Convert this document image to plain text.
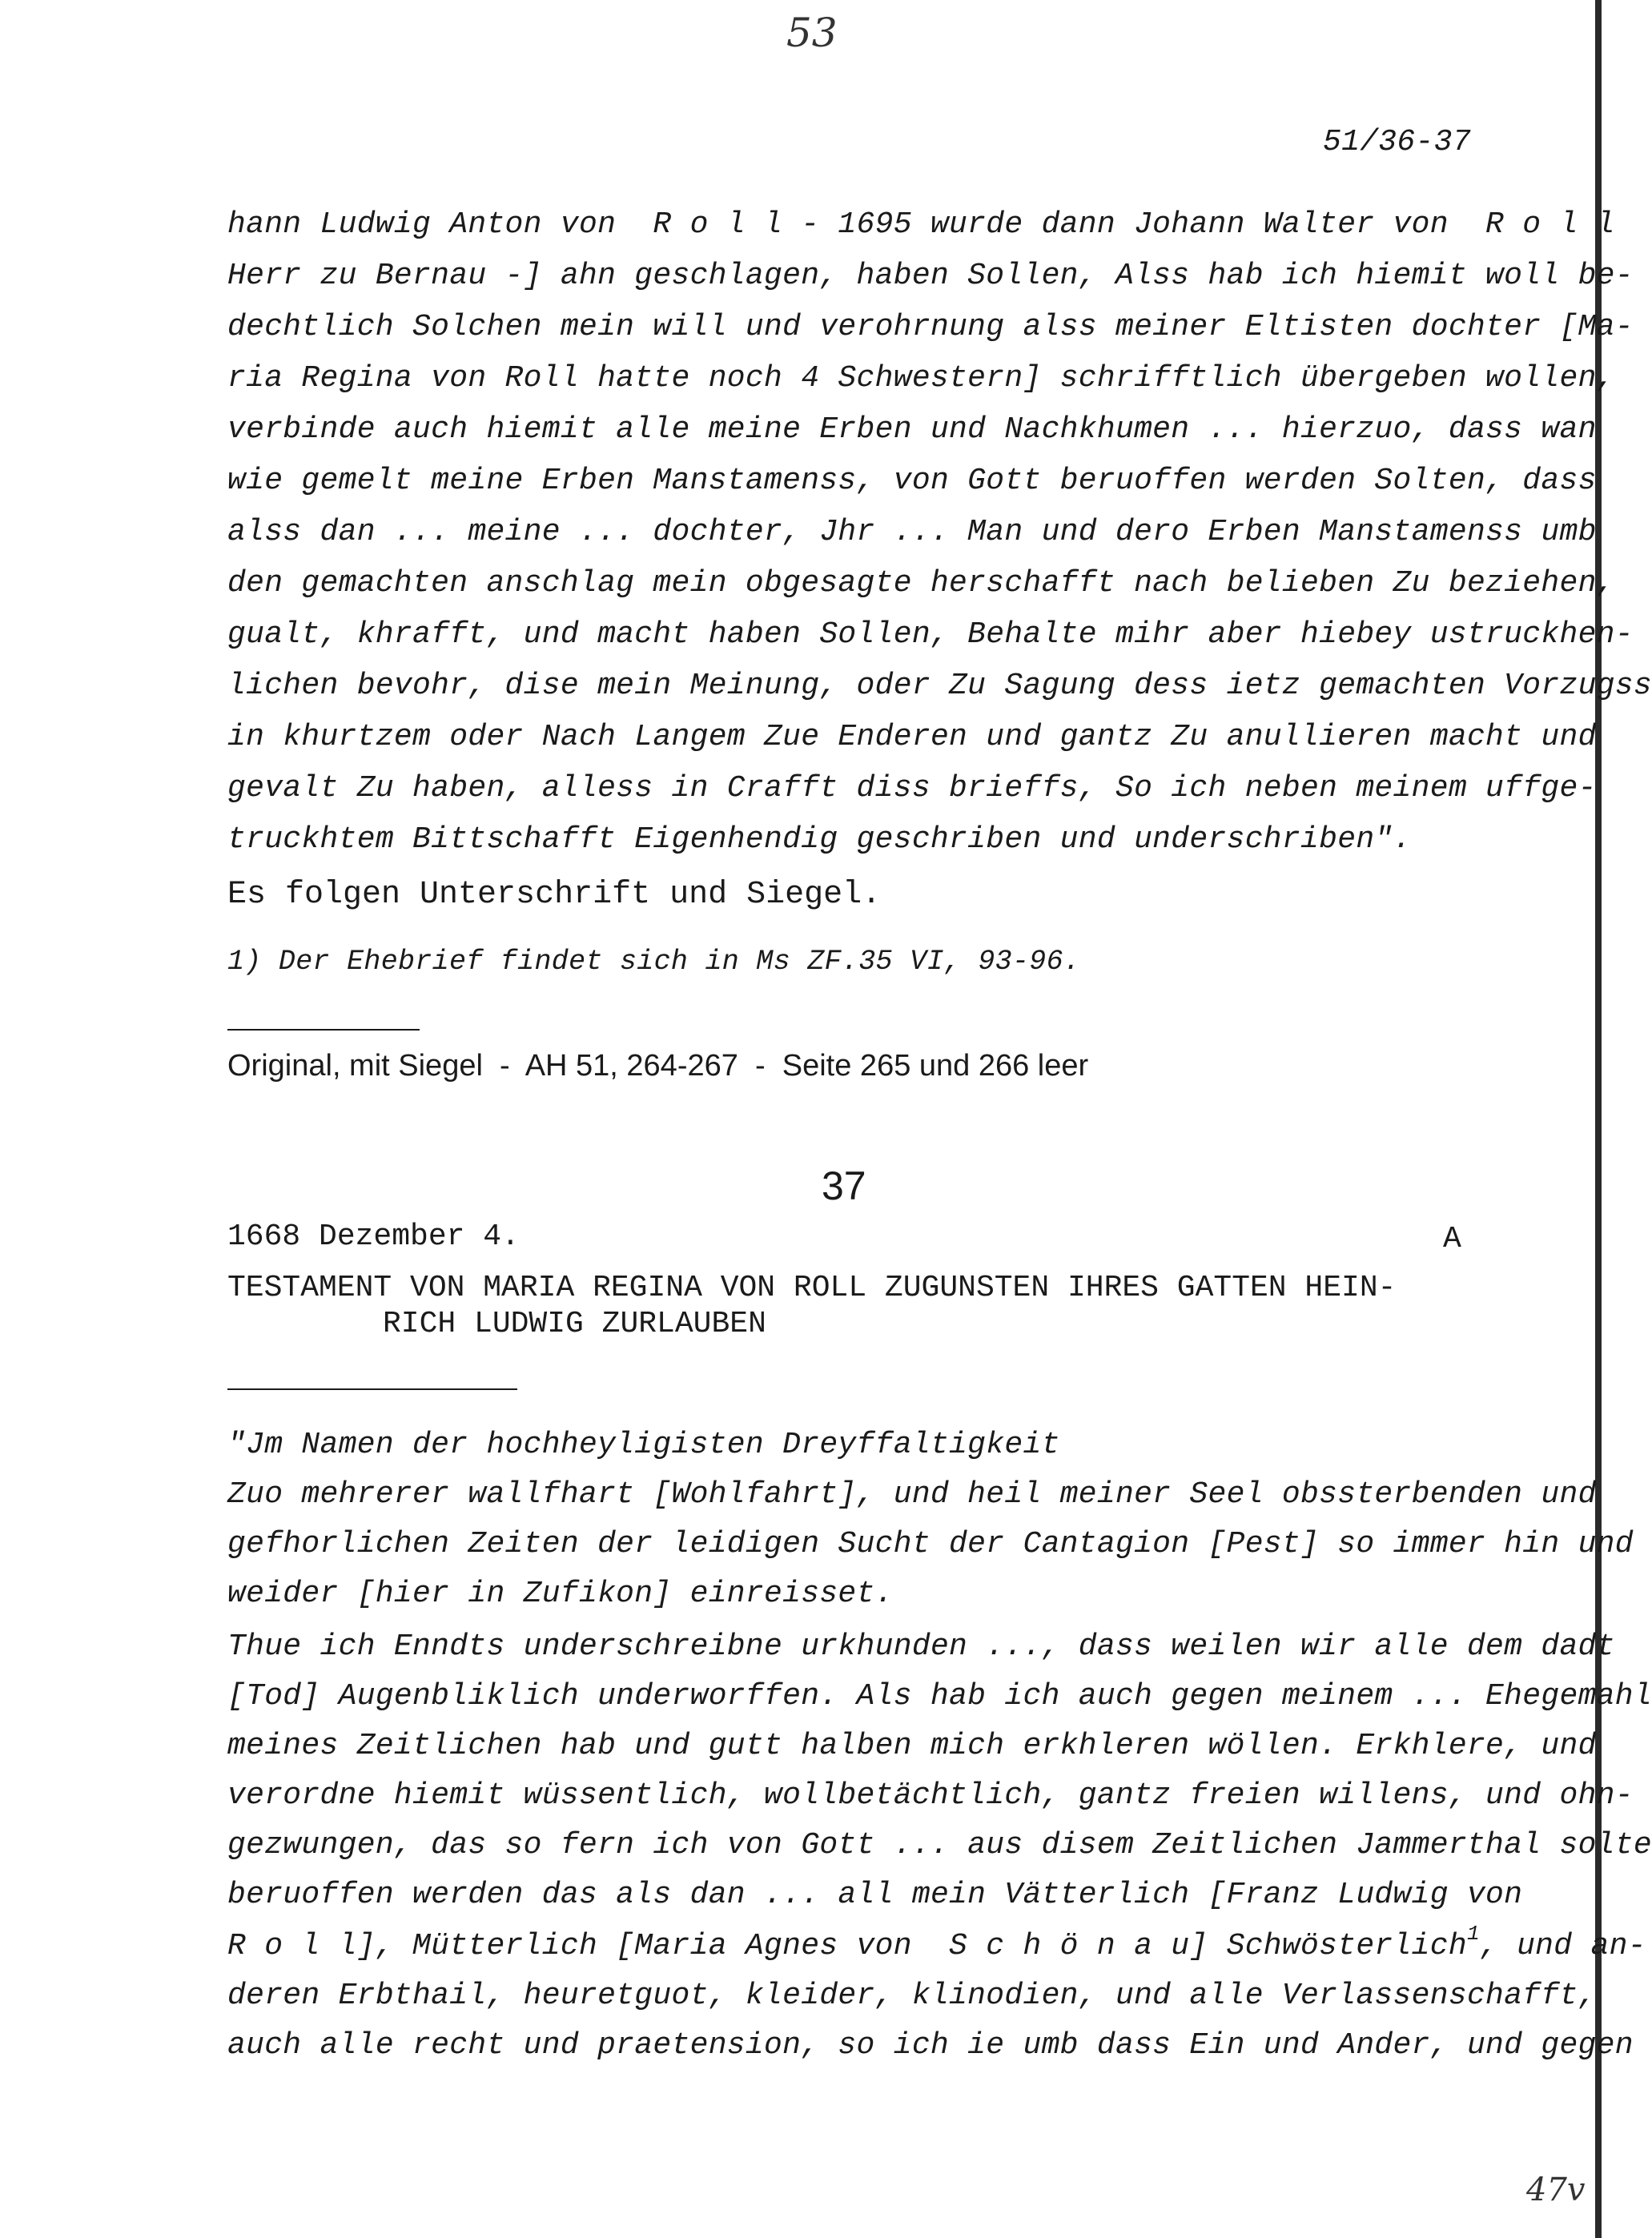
53
51/36-37
hann Ludwig Anton von  R o l l - 1695 wurde dann Johann Walter von  R o l l
Herr zu Bernau -] ahn geschlagen, haben Sollen, Alss hab ich hiemit woll be-
dechtlich Solchen mein will und verohrnung alss meiner Eltisten dochter [Ma-
ria Regina von Roll hatte noch 4 Schwestern] schrifftlich übergeben wollen,
verbinde auch hiemit alle meine Erben und Nachkhumen ... hierzuo, dass wan
wie gemelt meine Erben Manstamenss, von Gott beruoffen werden Solten, dass
alss dan ... meine ... dochter, Jhr ... Man und dero Erben Manstamenss umb
den gemachten anschlag mein obgesagte herschafft nach belieben Zu beziehen,
gualt, khrafft, und macht haben Sollen, Behalte mihr aber hiebey ustruckhen-
lichen bevohr, dise mein Meinung, oder Zu Sagung dess ietz gemachten Vorzugss
in khurtzem oder Nach Langem Zue Enderen und gantz Zu anullieren macht und
gevalt Zu haben, alless in Crafft diss brieffs, So ich neben meinem uffge-
truckhtem Bittschafft Eigenhendig geschriben und underschriben".
Es folgen Unterschrift und Siegel.
1) Der Ehebrief findet sich in Ms ZF.35 VI, 93-96.
Original, mit Siegel  -  AH 51, 264-267  -  Seite 265 und 266 leer
37
1668 Dezember 4.	A
TESTAMENT VON MARIA REGINA VON ROLL ZUGUNSTEN IHRES GATTEN HEIN-
RICH LUDWIG ZURLAUBEN
"Jm Namen der hochheyligisten Dreyffaltigkeit
Zuo mehrerer wallfhart [Wohlfahrt], und heil meiner Seel obssterbenden und
gefhorlichen Zeiten der leidigen Sucht der Cantagion [Pest] so immer hin und
weider [hier in Zufikon] einreisset.
Thue ich Enndts underschreibne urkhunden ..., dass weilen wir alle dem dadt
[Tod] Augenbliklich underworffen. Als hab ich auch gegen meinem ... Ehegemahl
meines Zeitlichen hab und gutt halben mich erkhleren wöllen. Erkhlere, und
verordne hiemit wüssentlich, wollbetächtlich, gantz freien willens, und ohn-
gezwungen, das so fern ich von Gott ... aus disem Zeitlichen Jammerthal solte
beruoffen werden das als dan ... all mein Vätterlich [Franz Ludwig von
R o l l], Mütterlich [Maria Agnes von  S c h ö n a u] Schwösterlich$^1$, und an-
deren Erbthail, heuretguot, kleider, klinodien, und alle Verlassenschafft,
auch alle recht und praetension, so ich ie umb dass Ein und Ander, und gegen
47v
